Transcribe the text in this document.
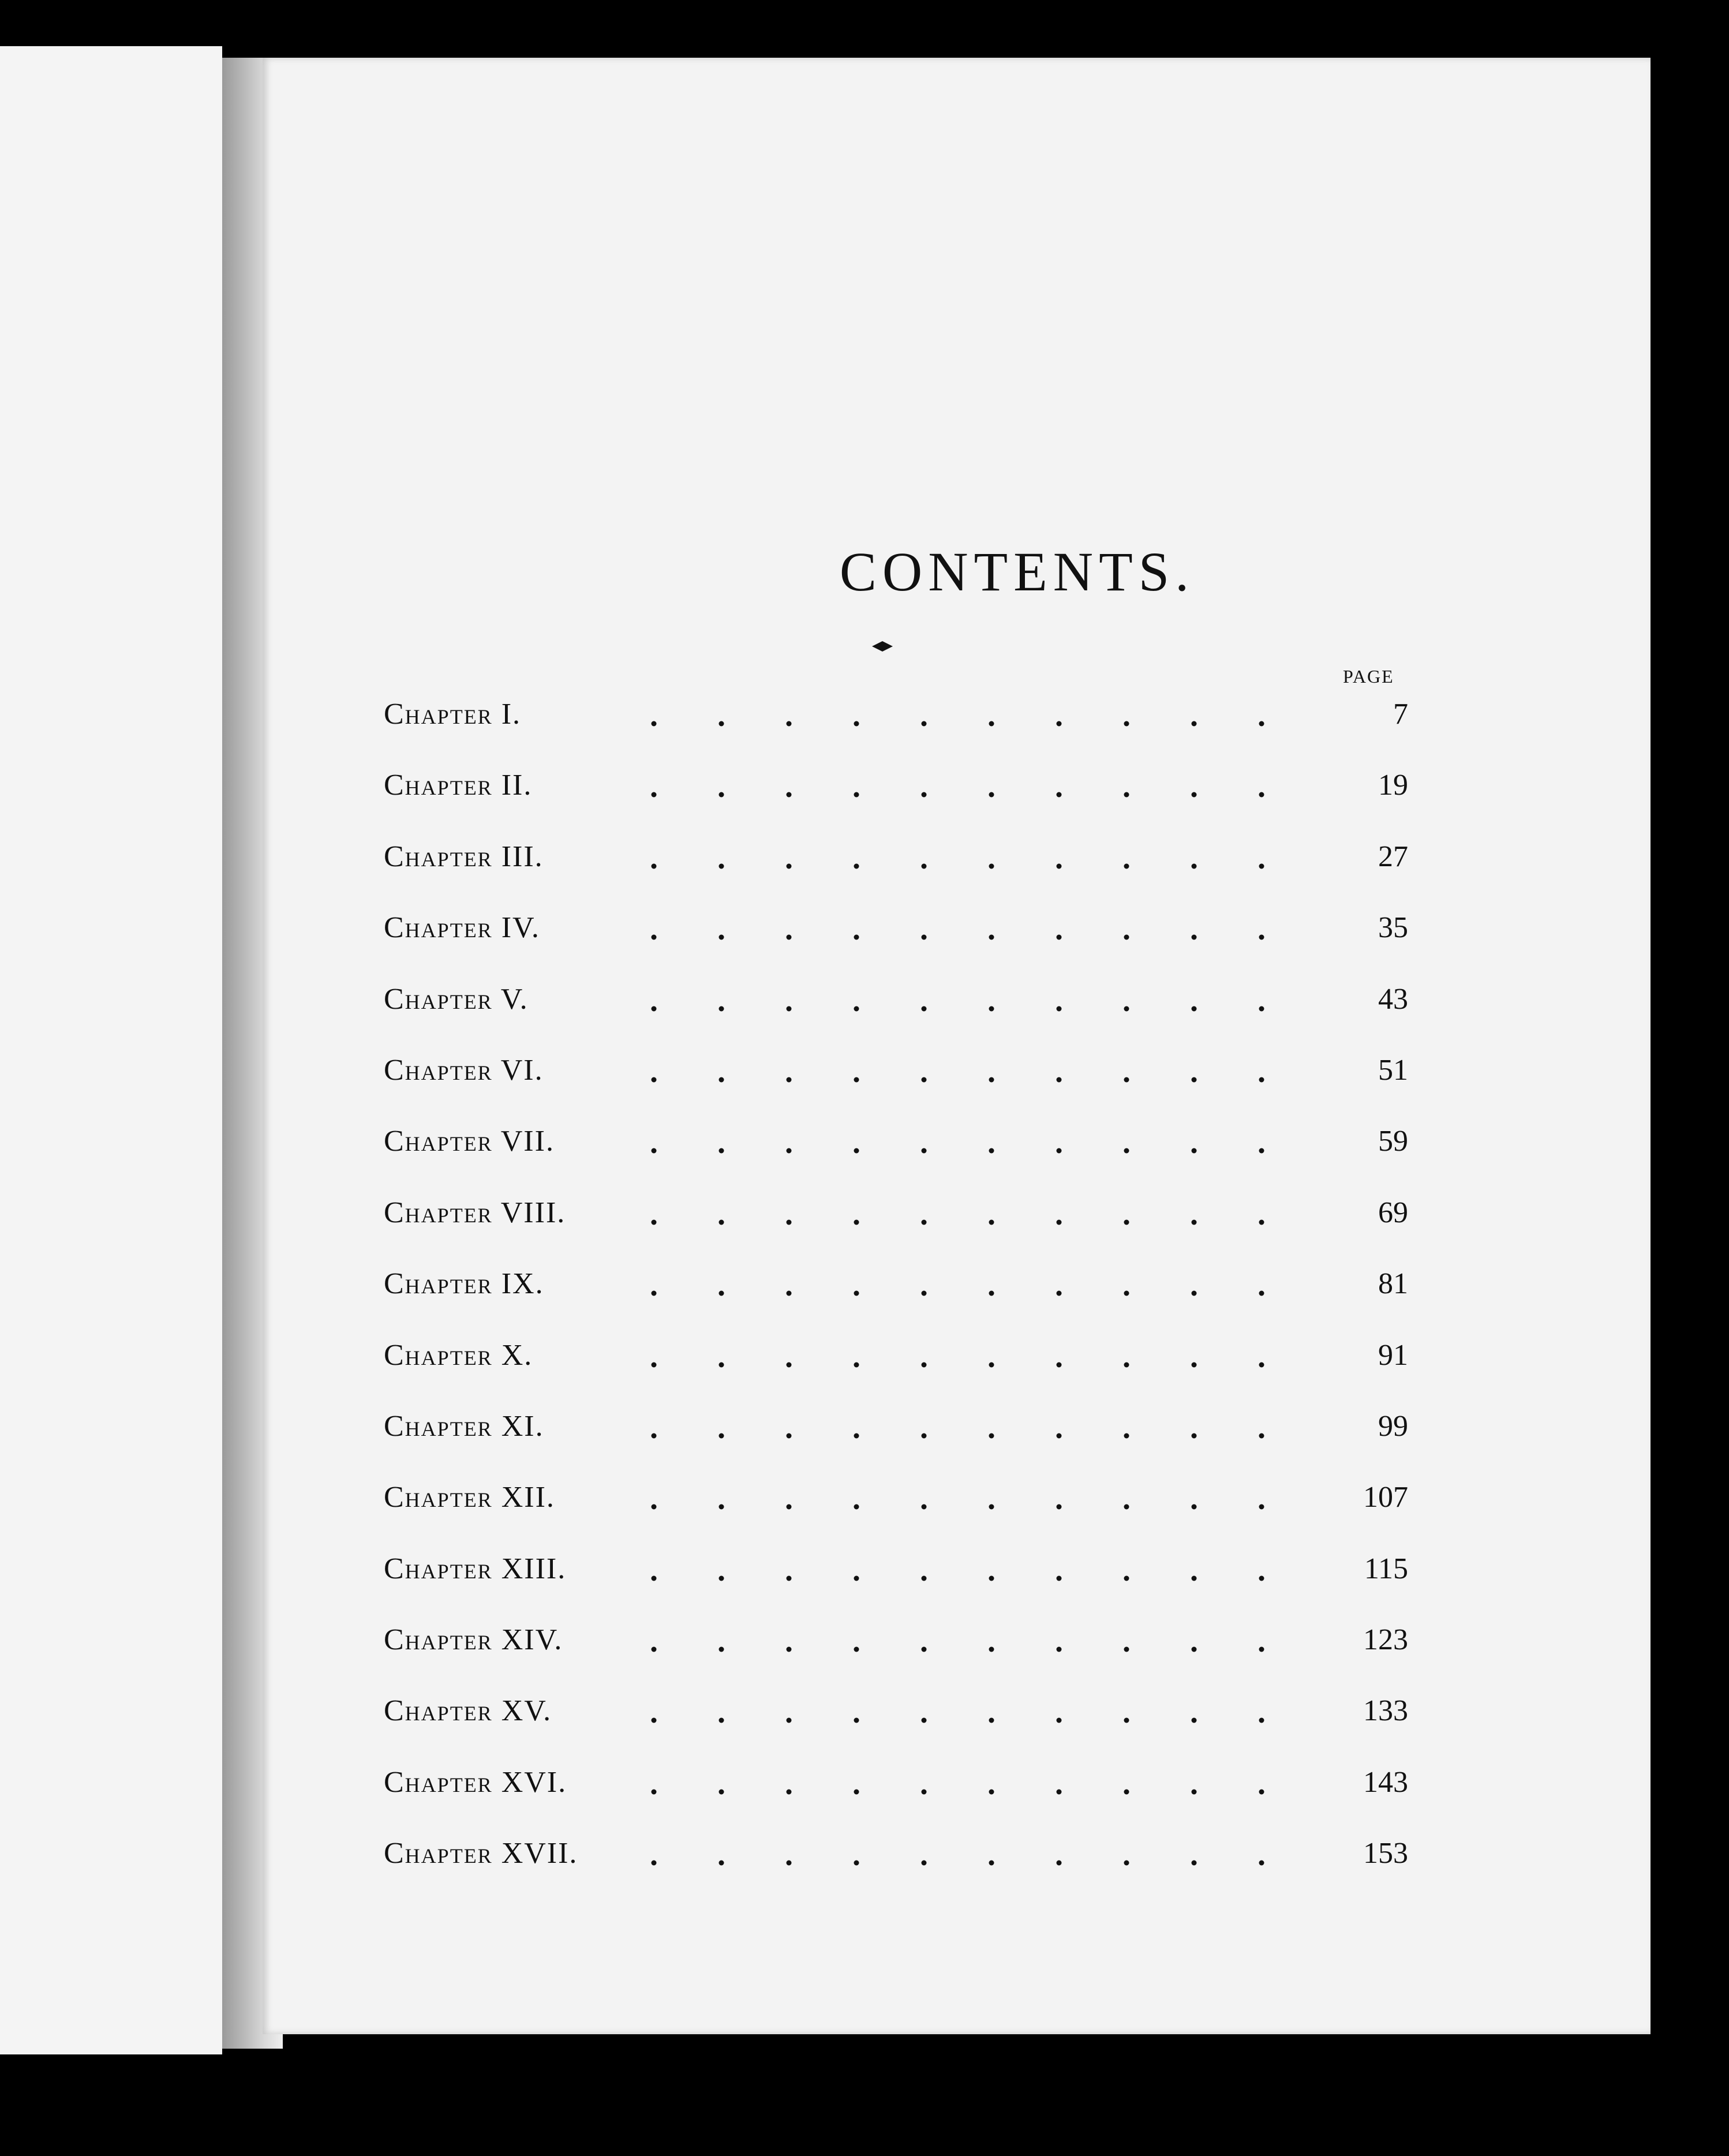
CONTENTS.
PAGE
Chapter I.	7
Chapter II.	19
Chapter III.	27
Chapter IV.	35
Chapter V.	43
Chapter VI.	51
Chapter VII.	59
Chapter VIII.	69
Chapter IX.	81
Chapter X.	91
Chapter XI.	99
Chapter XII.	107
Chapter XIII.	115
Chapter XIV.	123
Chapter XV.	133
Chapter XVI.	143
Chapter XVII.	153
